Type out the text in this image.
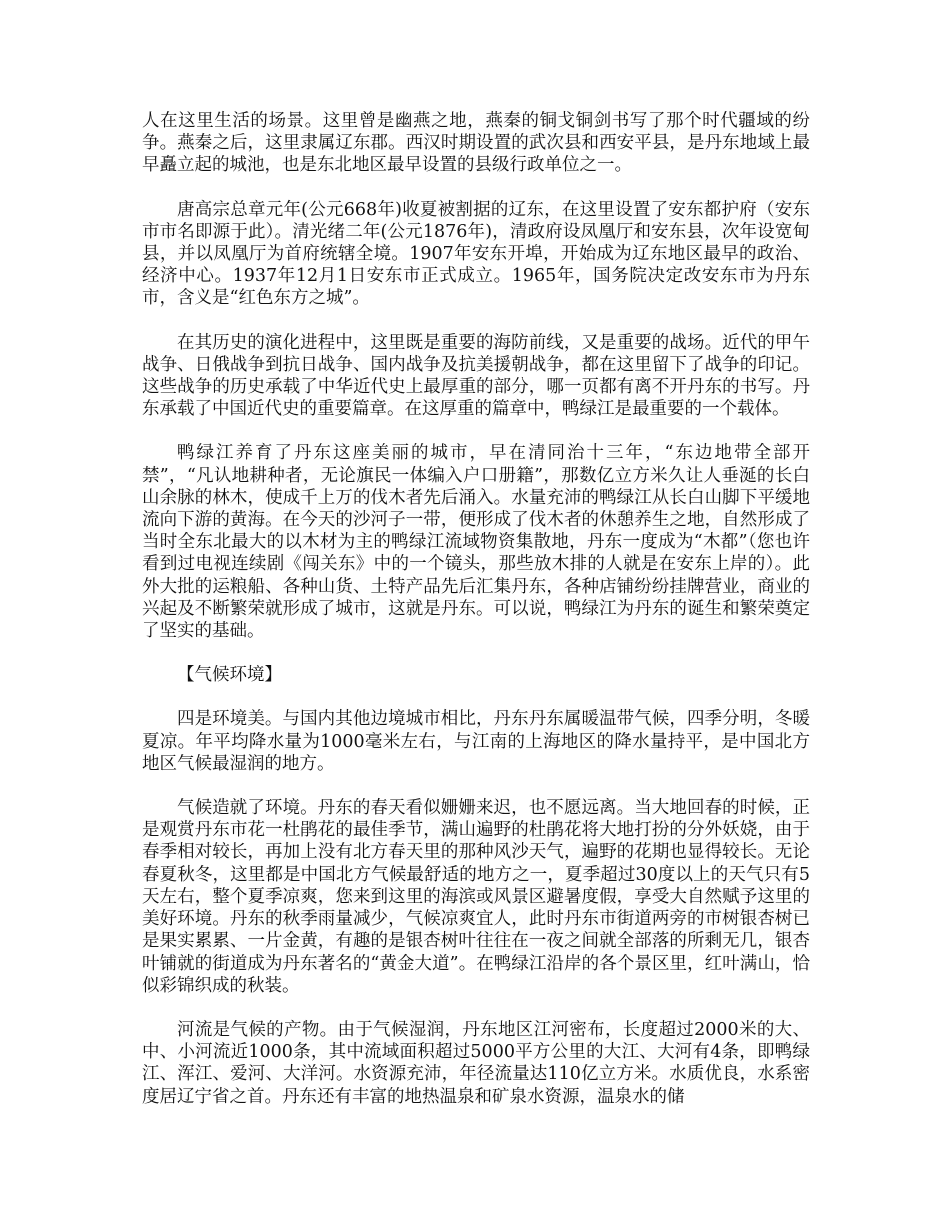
人在这里生活的场景。这里曾是幽燕之地，燕秦的铜戈铜剑书写了那个时代疆域的纷争。燕秦之后，这里隶属辽东郡。西汉时期设置的武次县和西安平县，是丹东地域上最早矗立起的城池，也是东北地区最早设置的县级行政单位之一。

唐高宗总章元年(公元668年)收夏被割据的辽东，在这里设置了安东都护府（安东市市名即源于此）。清光绪二年(公元1876年)，清政府设凤凰厅和安东县，次年设宽甸县，并以凤凰厅为首府统辖全境。1907年安东开埠，开始成为辽东地区最早的政治、经济中心。1937年12月1日安东市正式成立。1965年，国务院决定改安东市为丹东市，含义是“红色东方之城”。

在其历史的演化进程中，这里既是重要的海防前线，又是重要的战场。近代的甲午战争、日俄战争到抗日战争、国内战争及抗美援朝战争，都在这里留下了战争的印记。这些战争的历史承载了中华近代史上最厚重的部分，哪一页都有离不开丹东的书写。丹东承载了中国近代史的重要篇章。在这厚重的篇章中，鸭绿江是最重要的一个载体。

鸭绿江养育了丹东这座美丽的城市，早在清同治十三年，“东边地带全部开禁”，“凡认地耕种者，无论旗民一体编入户口册籍”，那数亿立方米久让人垂涎的长白山余脉的林木，使成千上万的伐木者先后涌入。水量充沛的鸭绿江从长白山脚下平缓地流向下游的黄海。在今天的沙河子一带，便形成了伐木者的休憩养生之地，自然形成了当时全东北最大的以木材为主的鸭绿江流域物资集散地，丹东一度成为“木都”（您也许看到过电视连续剧《闯关东》中的一个镜头，那些放木排的人就是在安东上岸的）。此外大批的运粮船、各种山货、土特产品先后汇集丹东，各种店铺纷纷挂牌营业，商业的兴起及不断繁荣就形成了城市，这就是丹东。可以说，鸭绿江为丹东的诞生和繁荣奠定了坚实的基础。

【气候环境】

四是环境美。与国内其他边境城市相比，丹东丹东属暖温带气候，四季分明，冬暖夏凉。年平均降水量为1000毫米左右，与江南的上海地区的降水量持平，是中国北方地区气候最湿润的地方。

气候造就了环境。丹东的春天看似姗姗来迟，也不愿远离。当大地回春的时候，正是观赏丹东市花一杜鹃花的最佳季节，满山遍野的杜鹃花将大地打扮的分外妖娆，由于春季相对较长，再加上没有北方春天里的那种风沙天气，遍野的花期也显得较长。无论春夏秋冬，这里都是中国北方气候最舒适的地方之一，夏季超过30度以上的天气只有5天左右，整个夏季凉爽，您来到这里的海滨或风景区避暑度假，享受大自然赋予这里的美好环境。丹东的秋季雨量减少，气候凉爽宜人，此时丹东市街道两旁的市树银杏树已是果实累累、一片金黄，有趣的是银杏树叶往往在一夜之间就全部落的所剩无几，银杏叶铺就的街道成为丹东著名的“黄金大道”。在鸭绿江沿岸的各个景区里，红叶满山，恰似彩锦织成的秋装。

河流是气候的产物。由于气候湿润，丹东地区江河密布，长度超过2000米的大、中、小河流近1000条，其中流域面积超过5000平方公里的大江、大河有4条，即鸭绿江、浑江、爱河、大洋河。水资源充沛，年径流量达110亿立方米。水质优良，水系密度居辽宁省之首。丹东还有丰富的地热温泉和矿泉水资源，温泉水的储
